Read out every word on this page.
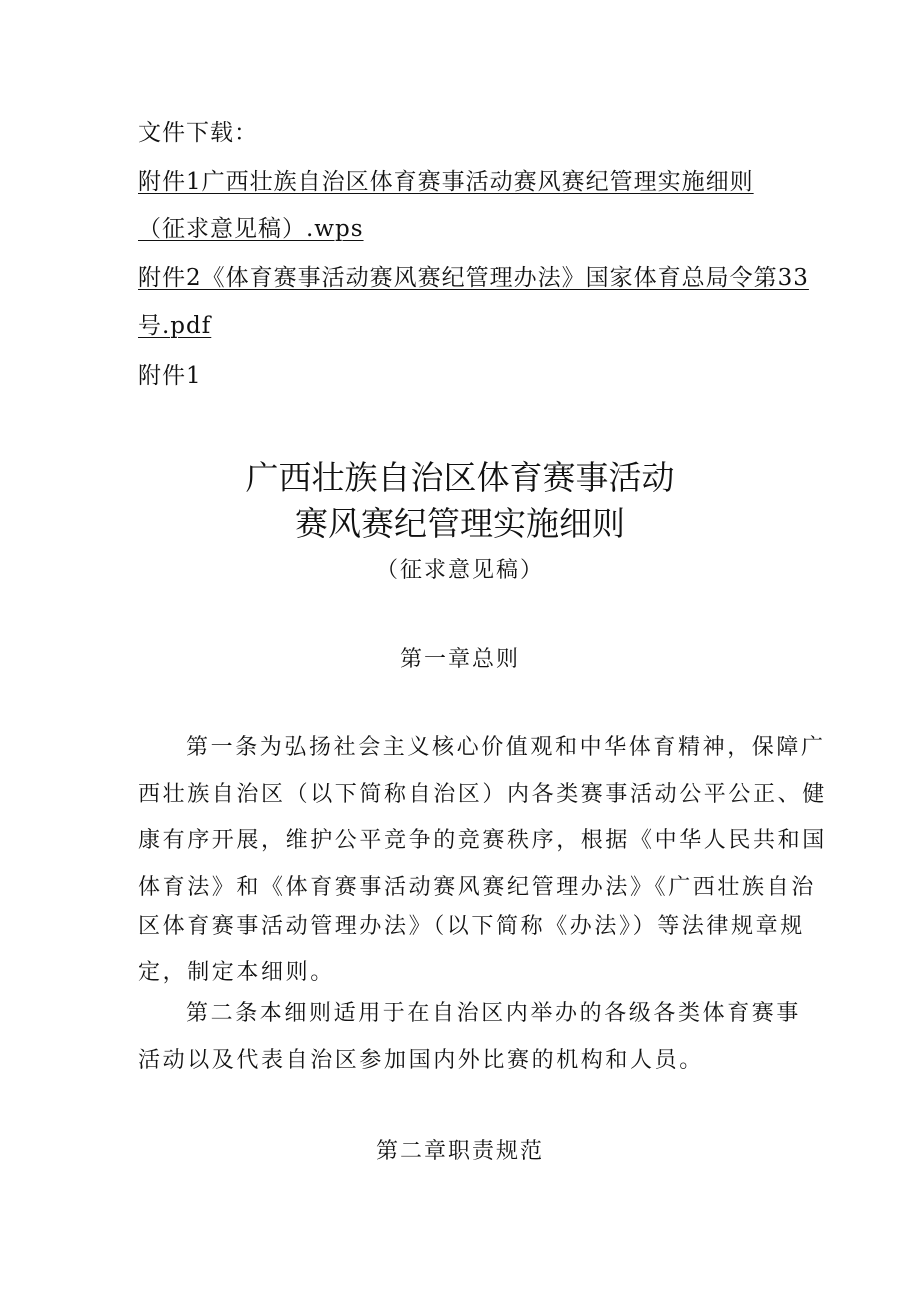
文件下载：
附件1广西壮族自治区体育赛事活动赛风赛纪管理实施细则
（征求意见稿）.wps
附件2《体育赛事活动赛风赛纪管理办法》国家体育总局令第33
号.pdf
附件1
广西壮族自治区体育赛事活动
赛风赛纪管理实施细则
（征求意见稿）
第一章总则
第一条为弘扬社会主义核心价值观和中华体育精神，保障广
西壮族自治区（以下简称自治区）内各类赛事活动公平公正、健
康有序开展，维护公平竞争的竞赛秩序，根据《中华人民共和国
体育法》和《体育赛事活动赛风赛纪管理办法》《广西壮族自治
区体育赛事活动管理办法》（以下简称《办法》）等法律规章规
定，制定本细则。
第二条本细则适用于在自治区内举办的各级各类体育赛事
活动以及代表自治区参加国内外比赛的机构和人员。
第二章职责规范
